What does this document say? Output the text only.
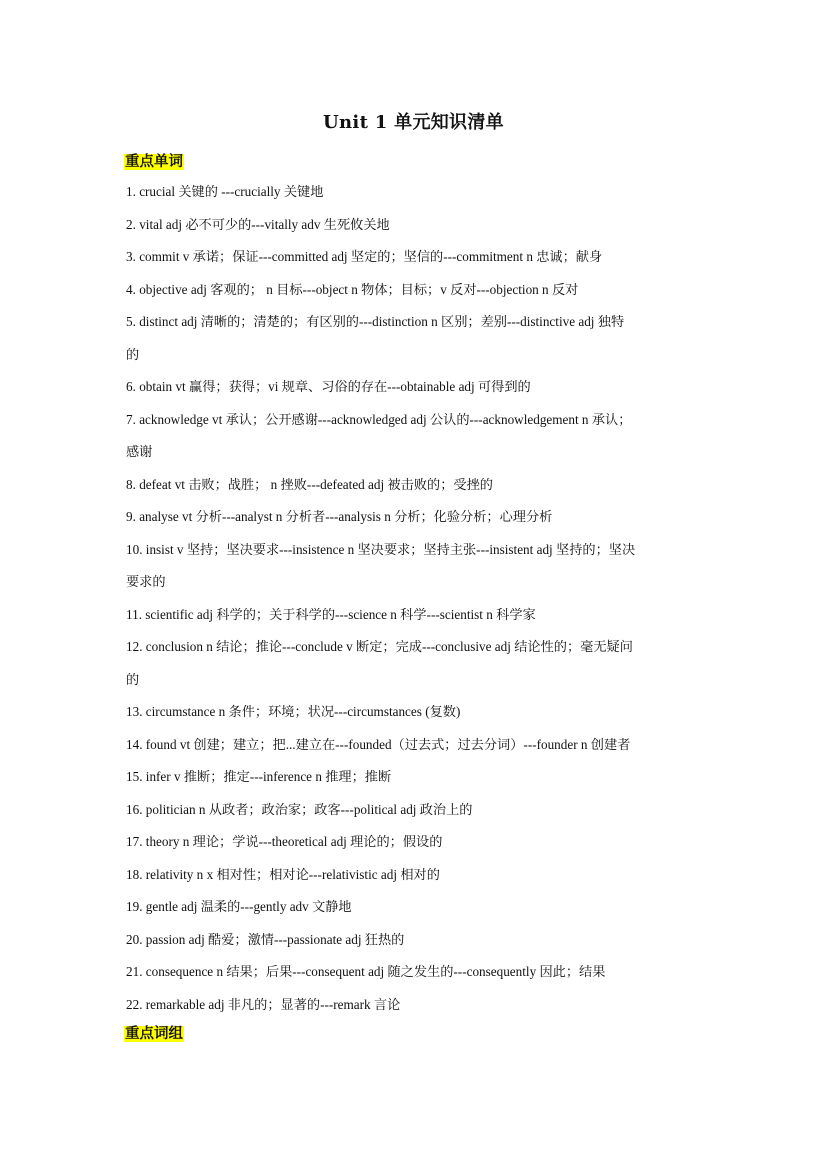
Unit 1 单元知识清单
重点单词
1. crucial 关键的 ---crucially 关键地
2. vital adj 必不可少的---vitally adv 生死攸关地
3. commit v 承诺；保证---committed adj 坚定的；坚信的---commitment n 忠诚；献身
4. objective adj 客观的； n 目标---object n 物体；目标；v 反对---objection n 反对
5. distinct adj 清晰的；清楚的；有区别的---distinction n 区别；差别---distinctive adj 独特
的
6. obtain vt 赢得；获得；vi 规章、习俗的存在---obtainable adj 可得到的
7. acknowledge vt 承认；公开感谢---acknowledged adj 公认的---acknowledgement n 承认；
感谢
8. defeat vt 击败；战胜； n 挫败---defeated adj 被击败的；受挫的
9. analyse vt 分析---analyst n 分析者---analysis n 分析；化验分析；心理分析
10. insist v 坚持；坚决要求---insistence n 坚决要求；坚持主张---insistent adj 坚持的；坚决
要求的
11. scientific adj 科学的；关于科学的---science n 科学---scientist n 科学家
12. conclusion n 结论；推论---conclude v 断定；完成---conclusive adj 结论性的；毫无疑问
的
13. circumstance n 条件；环境；状况---circumstances (复数)
14. found vt 创建；建立；把...建立在---founded（过去式；过去分词）---founder n 创建者
15. infer v 推断；推定---inference n 推理；推断
16. politician n 从政者；政治家；政客---political adj 政治上的
17. theory n 理论；学说---theoretical adj 理论的；假设的
18. relativity n x 相对性；相对论---relativistic adj 相对的
19. gentle adj 温柔的---gently adv 文静地
20. passion adj 酷爱；激情---passionate adj 狂热的
21. consequence n 结果；后果---consequent adj 随之发生的---consequently 因此；结果
22. remarkable adj 非凡的；显著的---remark 言论
重点词组
